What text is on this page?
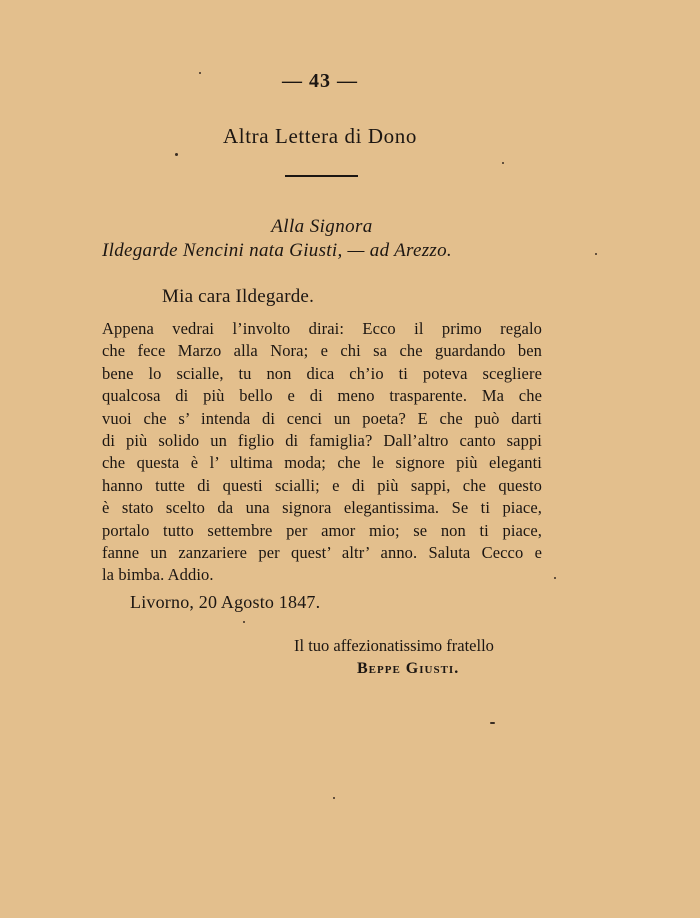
— 43 —
Altra Lettera di Dono
Alla Signora
Ildegarde Nencini nata Giusti, — ad Arezzo.
Mia cara Ildegarde.
Appena vedrai l’involto dirai: Ecco il primo regalo
che fece Marzo alla Nora; e chi sa che guardando ben
bene lo scialle, tu non dica ch’io ti poteva scegliere
qualcosa di più bello e di meno trasparente. Ma che
vuoi che s’ intenda di cenci un poeta? E che può darti
di più solido un figlio di famiglia? Dall’altro canto sappi
che questa è l’ ultima moda; che le signore più eleganti
hanno tutte di questi scialli; e di più sappi, che questo
è stato scelto da una signora elegantissima. Se ti piace,
portalo tutto settembre per amor mio; se non ti piace,
fanne un zanzariere per quest’ altr’ anno. Saluta Cecco e
la bimba. Addio.
Livorno, 20 Agosto 1847.
Il tuo affezionatissimo fratello
Beppe Giusti.
